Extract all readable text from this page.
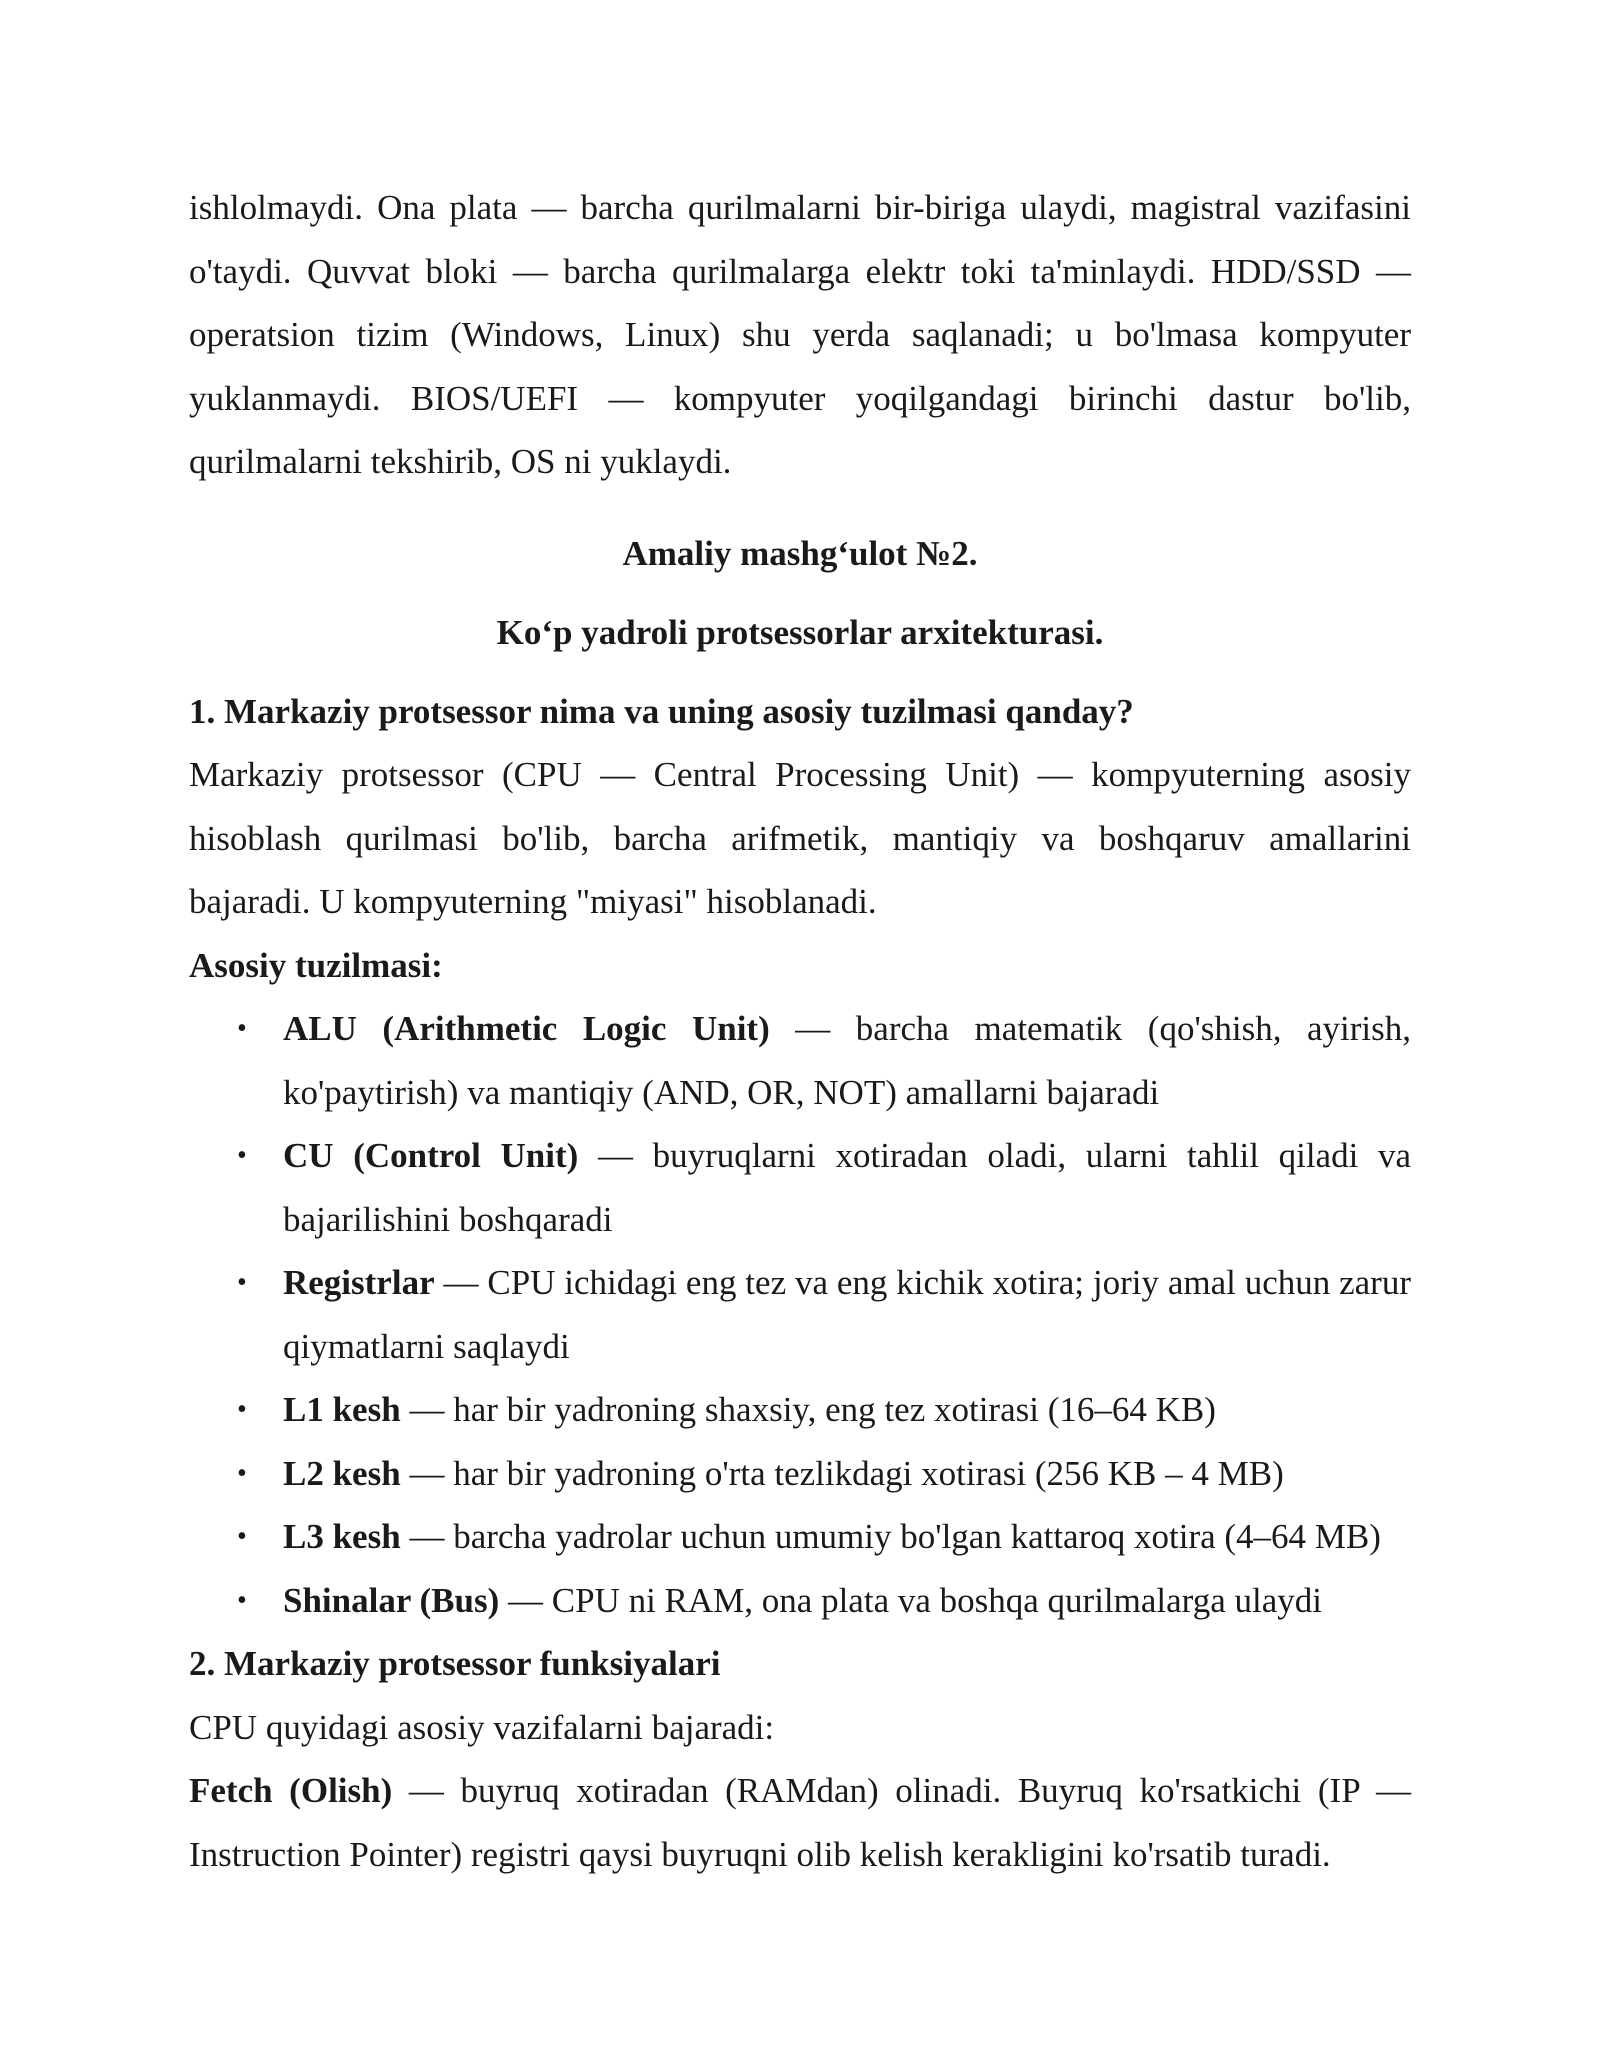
ishlolmaydi. Ona plata — barcha qurilmalarni bir-biriga ulaydi, magistral vazifasini o'taydi. Quvvat bloki — barcha qurilmalarga elektr toki ta'minlaydi. HDD/SSD — operatsion tizim (Windows, Linux) shu yerda saqlanadi; u bo'lmasa kompyuter yuklanmaydi. BIOS/UEFI — kompyuter yoqilgandagi birinchi dastur bo'lib, qurilmalarni tekshirib, OS ni yuklaydi.

Amaliy mashg‘ulot №2.

Ko‘p yadroli protsessorlar arxitekturasi.

1. Markaziy protsessor nima va uning asosiy tuzilmasi qanday?

Markaziy protsessor (CPU — Central Processing Unit) — kompyuterning asosiy hisoblash qurilmasi bo'lib, barcha arifmetik, mantiqiy va boshqaruv amallarini bajaradi. U kompyuterning "miyasi" hisoblanadi.

Asosiy tuzilmasi:

• ALU (Arithmetic Logic Unit) — barcha matematik (qo'shish, ayirish, ko'paytirish) va mantiqiy (AND, OR, NOT) amallarni bajaradi
• CU (Control Unit) — buyruqlarni xotiradan oladi, ularni tahlil qiladi va bajarilishini boshqaradi
• Registrlar — CPU ichidagi eng tez va eng kichik xotira; joriy amal uchun zarur qiymatlarni saqlaydi
• L1 kesh — har bir yadroning shaxsiy, eng tez xotirasi (16–64 KB)
• L2 kesh — har bir yadroning o'rta tezlikdagi xotirasi (256 KB – 4 MB)
• L3 kesh — barcha yadrolar uchun umumiy bo'lgan kattaroq xotira (4–64 MB)
• Shinalar (Bus) — CPU ni RAM, ona plata va boshqa qurilmalarga ulaydi

2. Markaziy protsessor funksiyalari

CPU quyidagi asosiy vazifalarni bajaradi:

Fetch (Olish) — buyruq xotiradan (RAMdan) olinadi. Buyruq ko'rsatkichi (IP — Instruction Pointer) registri qaysi buyruqni olib kelish kerakligini ko'rsatib turadi.
